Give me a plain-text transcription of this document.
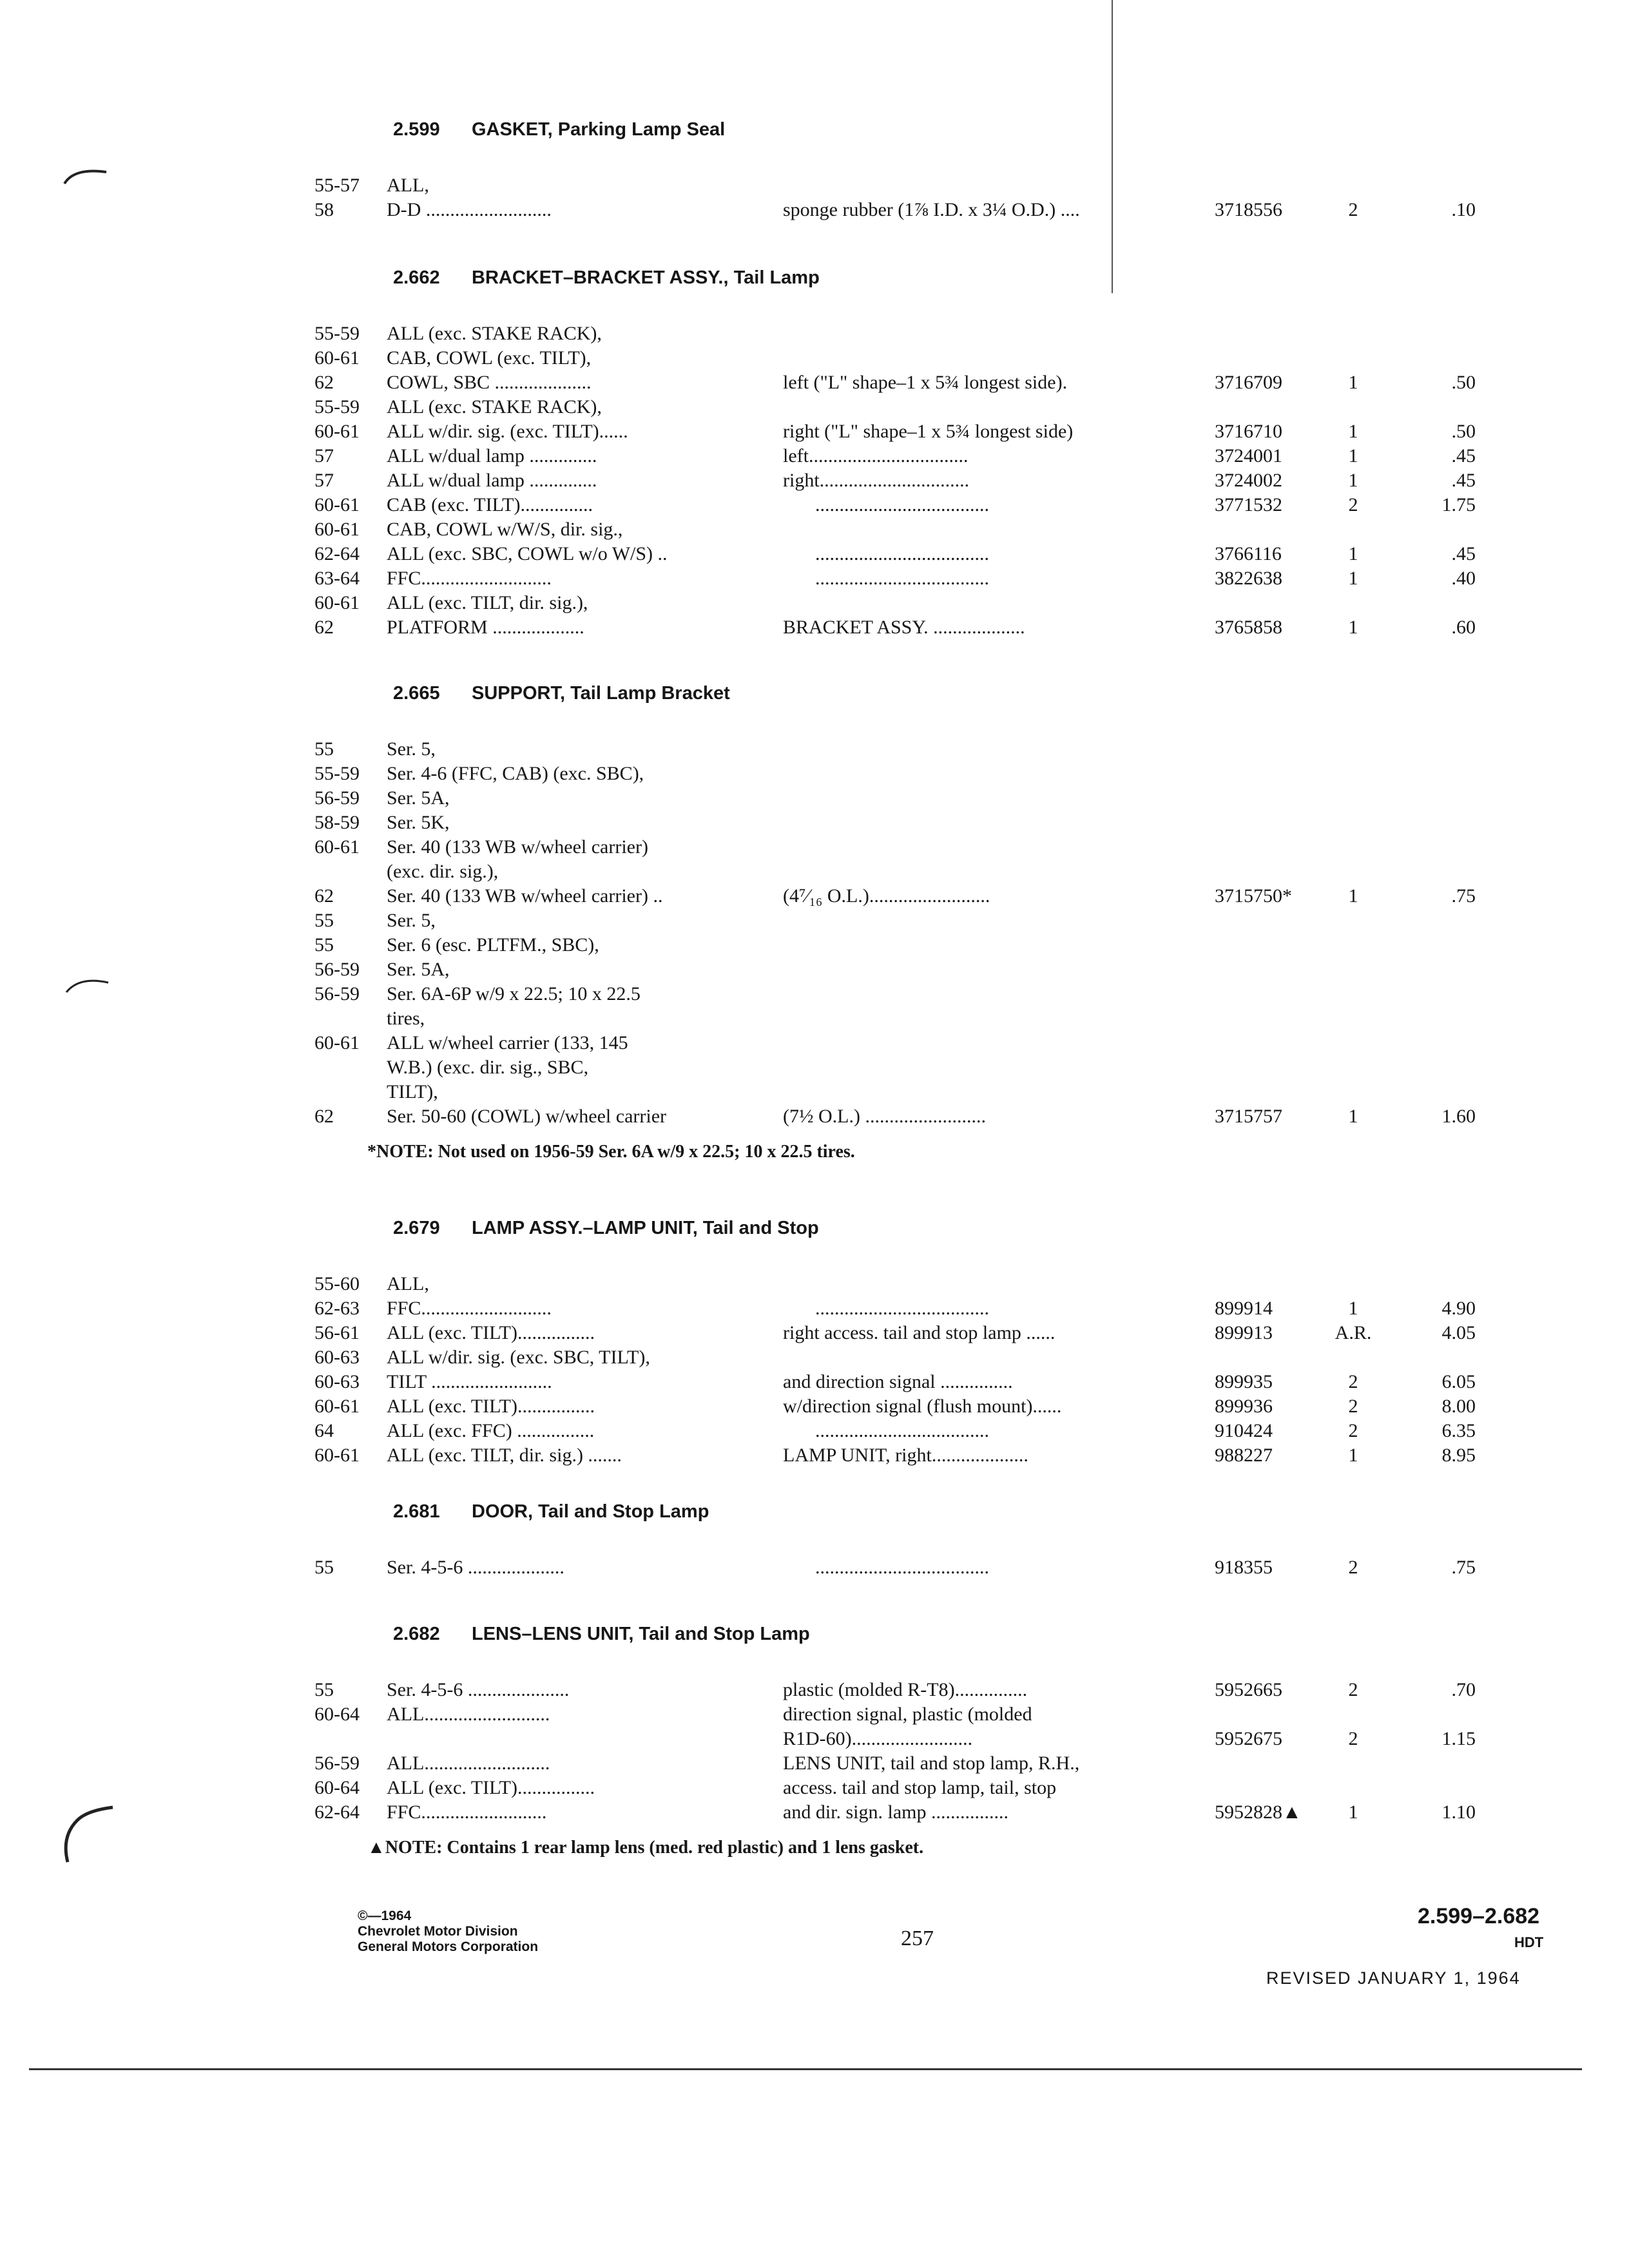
2.599 GASKET, Parking Lamp Seal
55-57	ALL,
58	D-D ..........................	sponge rubber (1⅞ I.D. x 3¼ O.D.) ....	3718556	2	.10
2.662 BRACKET–BRACKET ASSY., Tail Lamp
55-59	ALL (exc. STAKE RACK),
60-61	CAB, COWL (exc. TILT),
62	COWL, SBC ....................	left ("L" shape–1 x 5¾ longest side).	3716709	1	.50
55-59	ALL (exc. STAKE RACK),
60-61	ALL w/dir. sig. (exc. TILT)......	right ("L" shape–1 x 5¾ longest side)	3716710	1	.50
57	ALL w/dual lamp ..............	left.................................	3724001	1	.45
57	ALL w/dual lamp ..............	right...............................	3724002	1	.45
60-61	CAB (exc. TILT)...............	....................................	3771532	2	1.75
60-61	CAB, COWL w/W/S, dir. sig.,
62-64	ALL (exc. SBC, COWL w/o W/S) ..	....................................	3766116	1	.45
63-64	FFC...........................	....................................	3822638	1	.40
60-61	ALL (exc. TILT, dir. sig.),
62	PLATFORM ...................	BRACKET ASSY. ...................	3765858	1	.60
2.665 SUPPORT, Tail Lamp Bracket
55	Ser. 5,
55-59	Ser. 4-6 (FFC, CAB) (exc. SBC),
56-59	Ser. 5A,
58-59	Ser. 5K,
60-61	Ser. 40 (133 WB w/wheel carrier)
(exc. dir. sig.),
62	Ser. 40 (133 WB w/wheel carrier) ..	(4⁷⁄₁₆ O.L.).........................	3715750*	1	.75
55	Ser. 5,
55	Ser. 6 (esc. PLTFM., SBC),
56-59	Ser. 5A,
56-59	Ser. 6A-6P w/9 x 22.5; 10 x 22.5
tires,
60-61	ALL w/wheel carrier (133, 145
W.B.) (exc. dir. sig., SBC,
TILT),
62	Ser. 50-60 (COWL) w/wheel carrier	(7½ O.L.) .........................	3715757	1	1.60
*NOTE: Not used on 1956-59 Ser. 6A w/9 x 22.5; 10 x 22.5 tires.
2.679 LAMP ASSY.–LAMP UNIT, Tail and Stop
55-60	ALL,
62-63	FFC...........................	....................................	899914	1	4.90
56-61	ALL (exc. TILT)................	right access. tail and stop lamp ......	899913	A.R.	4.05
60-63	ALL w/dir. sig. (exc. SBC, TILT),
60-63	TILT .........................	and direction signal ...............	899935	2	6.05
60-61	ALL (exc. TILT)................	w/direction signal (flush mount)......	899936	2	8.00
64	ALL (exc. FFC) ................	....................................	910424	2	6.35
60-61	ALL (exc. TILT, dir. sig.) .......	LAMP UNIT, right....................	988227	1	8.95
2.681 DOOR, Tail and Stop Lamp
55	Ser. 4-5-6 ....................	....................................	918355	2	.75
2.682 LENS–LENS UNIT, Tail and Stop Lamp
55	Ser. 4-5-6 .....................	plastic (molded R-T8)...............	5952665	2	.70
60-64	ALL..........................	direction signal, plastic (molded
R1D-60).........................	5952675	2	1.15
56-59	ALL..........................	LENS UNIT, tail and stop lamp, R.H.,
60-64	ALL (exc. TILT)................	access. tail and stop lamp, tail, stop
62-64	FFC..........................	and dir. sign. lamp ................	5952828▲	1	1.10
▲NOTE: Contains 1 rear lamp lens (med. red plastic) and 1 lens gasket.
©—1964
Chevrolet Motor Division
General Motors Corporation	257
2.599–2.682
HDT
REVISED JANUARY 1, 1964
